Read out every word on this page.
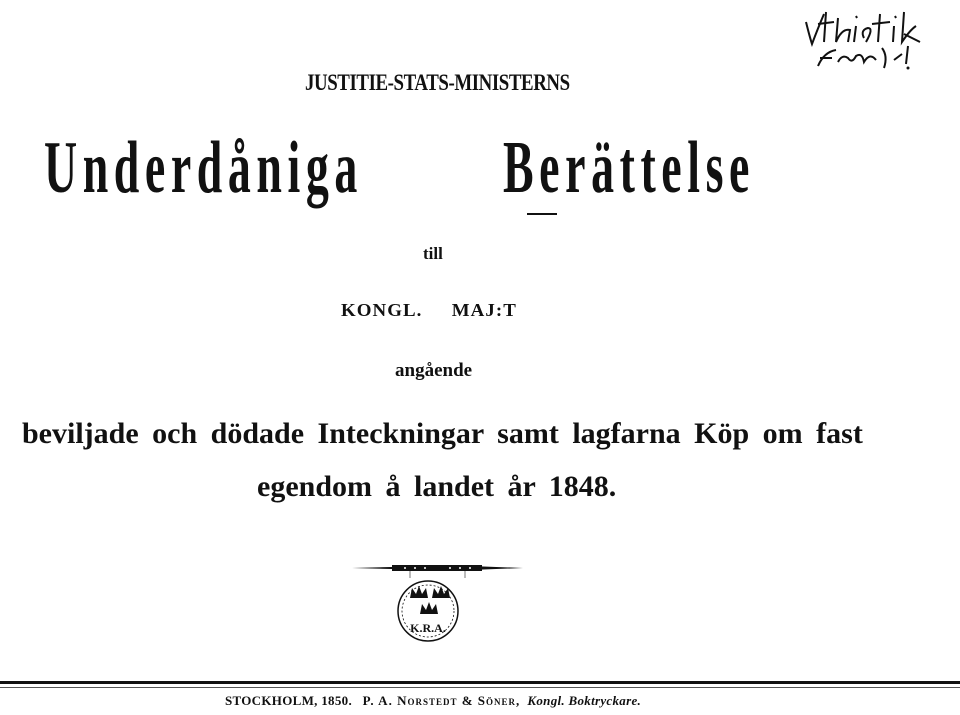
JUSTITIE-STATS-MINISTERNS
Underdåniga Berättelse
till
KONGL. MAJ:T
angående
beviljade och dödade Inteckningar samt lagfarna Köp om fast
egendom å landet år 1848.
K.R.A.
STOCKHOLM, 1850. P. A. Norstedt & Söner, Kongl. Boktryckare.
